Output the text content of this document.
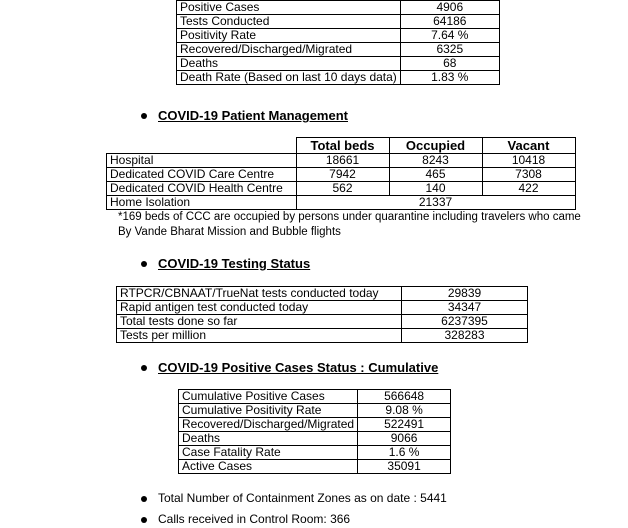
Positive Cases	4906
Tests Conducted	64186
Positivity Rate	7.64 %
Recovered/Discharged/Migrated	6325
Deaths	68
Death Rate (Based on last 10 days data)	1.83 %
COVID-19 Patient Management
	Total beds	Occupied	Vacant
Hospital	18661	8243	10418
Dedicated COVID Care Centre	7942	465	7308
Dedicated COVID Health Centre	562	140	422
Home Isolation	21337		
*169 beds of CCC are occupied by persons under quarantine including travelers who came
By Vande Bharat Mission and Bubble flights
COVID-19 Testing Status
RTPCR/CBNAAT/TrueNat tests conducted today	29839
Rapid antigen test conducted today	34347
Total tests done so far	6237395
Tests per million	328283
COVID-19 Positive Cases Status : Cumulative
Cumulative Positive Cases	566648
Cumulative Positivity Rate	9.08 %
Recovered/Discharged/Migrated	522491
Deaths	9066
Case Fatality Rate	1.6 %
Active Cases	35091
Total Number of Containment Zones as on date : 5441
Calls received in Control Room: 366
